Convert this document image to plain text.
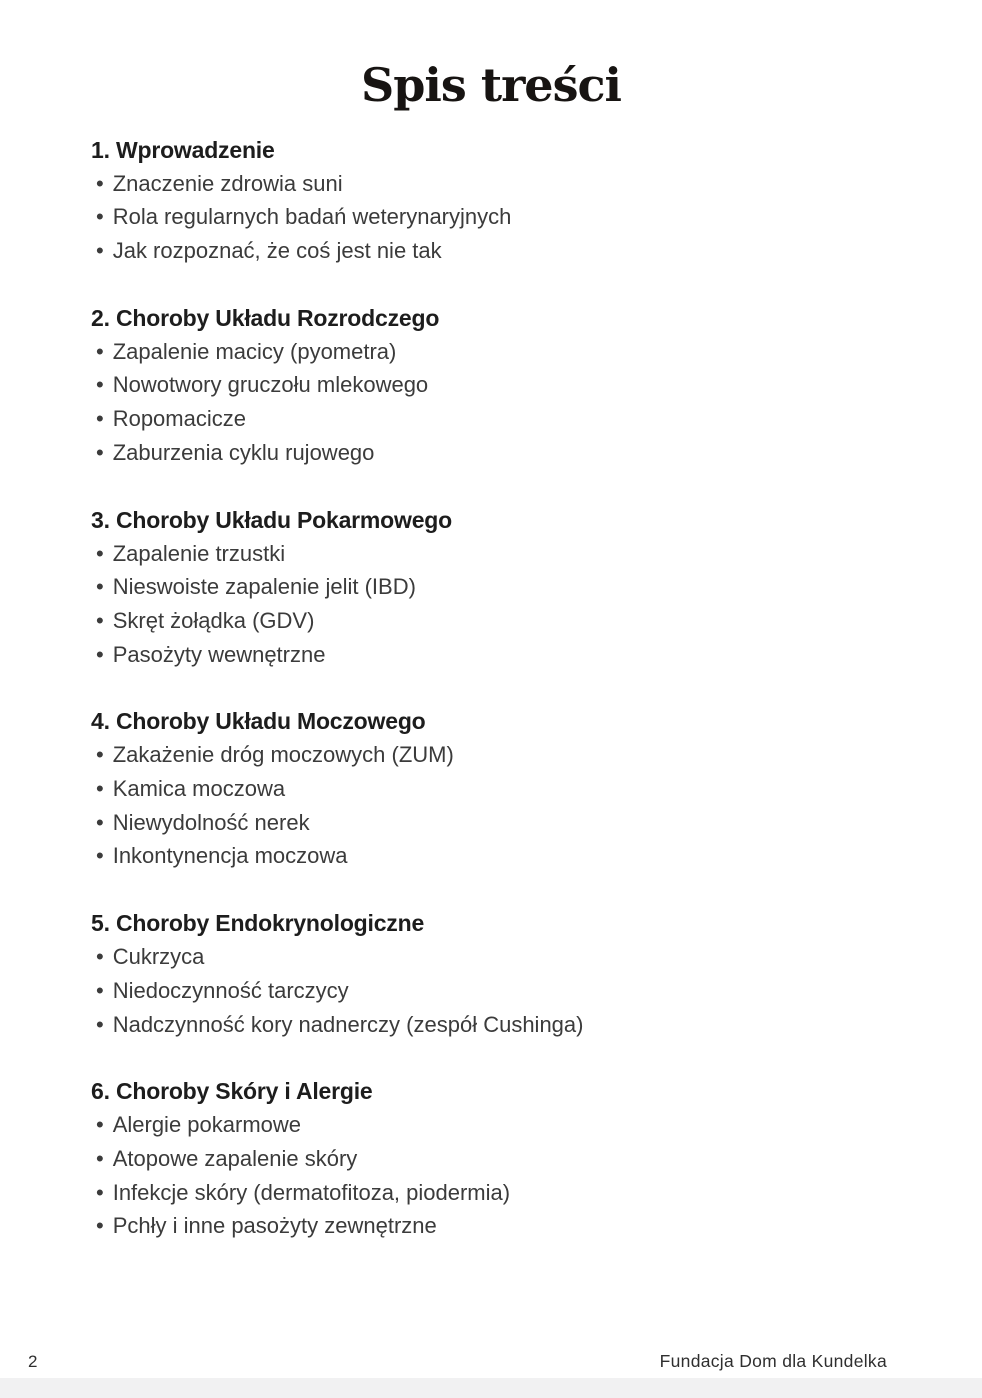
Spis treści
1. Wprowadzenie
• Znaczenie zdrowia suni
• Rola regularnych badań weterynaryjnych
• Jak rozpoznać, że coś jest nie tak
2. Choroby Układu Rozrodczego
• Zapalenie macicy (pyometra)
• Nowotwory gruczołu mlekowego
• Ropomacicze
• Zaburzenia cyklu rujowego
3. Choroby Układu Pokarmowego
• Zapalenie trzustki
• Nieswoiste zapalenie jelit (IBD)
• Skręt żołądka (GDV)
• Pasożyty wewnętrzne
4. Choroby Układu Moczowego
• Zakażenie dróg moczowych (ZUM)
• Kamica moczowa
• Niewydolność nerek
• Inkontynencja moczowa
5. Choroby Endokrynologiczne
• Cukrzyca
• Niedoczynność tarczycy
• Nadczynność kory nadnerczy (zespół Cushinga)
6. Choroby Skóry i Alergie
• Alergie pokarmowe
• Atopowe zapalenie skóry
• Infekcje skóry (dermatofitoza, piodermia)
• Pchły i inne pasożyty zewnętrzne
2	Fundacja Dom dla Kundelka
